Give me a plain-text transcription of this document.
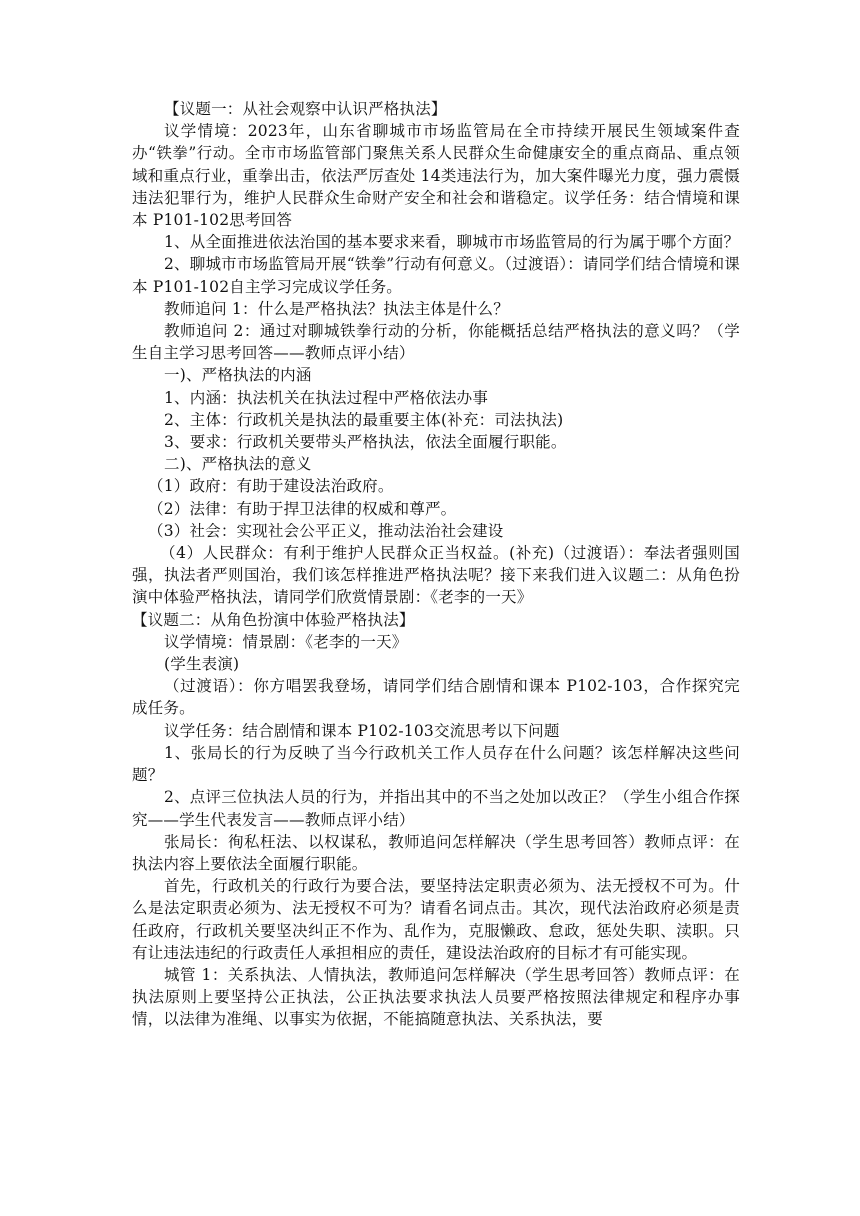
【议题一：从社会观察中认识严格执法】

议学情境：2023年，山东省聊城市市场监管局在全市持续开展民生领域案件查办“铁拳”行动。全市市场监管部门聚焦关系人民群众生命健康安全的重点商品、重点领域和重点行业，重拳出击，依法严厉查处 14类违法行为，加大案件曝光力度，强力震慑违法犯罪行为，维护人民群众生命财产安全和社会和谐稳定。议学任务：结合情境和课本 P101-102思考回答

1、从全面推进依法治国的基本要求来看，聊城市市场监管局的行为属于哪个方面？

2、聊城市市场监管局开展“铁拳”行动有何意义。（过渡语）：请同学们结合情境和课本 P101-102自主学习完成议学任务。

教师追问 1：什么是严格执法？执法主体是什么？

教师追问 2：通过对聊城铁拳行动的分析，你能概括总结严格执法的意义吗？（学生自主学习思考回答——教师点评小结）

一)、严格执法的内涵

1、内涵：执法机关在执法过程中严格依法办事

2、主体：行政机关是执法的最重要主体(补充：司法执法)

3、要求：行政机关要带头严格执法，依法全面履行职能。

二)、严格执法的意义

（1）政府：有助于建设法治政府。

（2）法律：有助于捍卫法律的权威和尊严。

（3）社会：实现社会公平正义，推动法治社会建设

（4）人民群众：有利于维护人民群众正当权益。(补充)（过渡语）：奉法者强则国强，执法者严则国治，我们该怎样推进严格执法呢？接下来我们进入议题二：从角色扮演中体验严格执法，请同学们欣赏情景剧：《老李的一天》

【议题二：从角色扮演中体验严格执法】

议学情境：情景剧：《老李的一天》

(学生表演)

（过渡语）：你方唱罢我登场，请同学们结合剧情和课本 P102-103，合作探究完成任务。

议学任务：结合剧情和课本 P102-103交流思考以下问题

1、张局长的行为反映了当今行政机关工作人员存在什么问题？该怎样解决这些问题？

2、点评三位执法人员的行为，并指出其中的不当之处加以改正？（学生小组合作探究——学生代表发言——教师点评小结）

张局长：徇私枉法、以权谋私，教师追问怎样解决（学生思考回答）教师点评：在执法内容上要依法全面履行职能。

首先，行政机关的行政行为要合法，要坚持法定职责必须为、法无授权不可为。什么是法定职责必须为、法无授权不可为？请看名词点击。其次，现代法治政府必须是责任政府，行政机关要坚决纠正不作为、乱作为，克服懒政、怠政，惩处失职、渎职。只有让违法违纪的行政责任人承担相应的责任，建设法治政府的目标才有可能实现。

城管 1：关系执法、人情执法，教师追问怎样解决（学生思考回答）教师点评：在执法原则上要坚持公正执法，公正执法要求执法人员要严格按照法律规定和程序办事情，以法律为准绳、以事实为依据，不能搞随意执法、关系执法，要
